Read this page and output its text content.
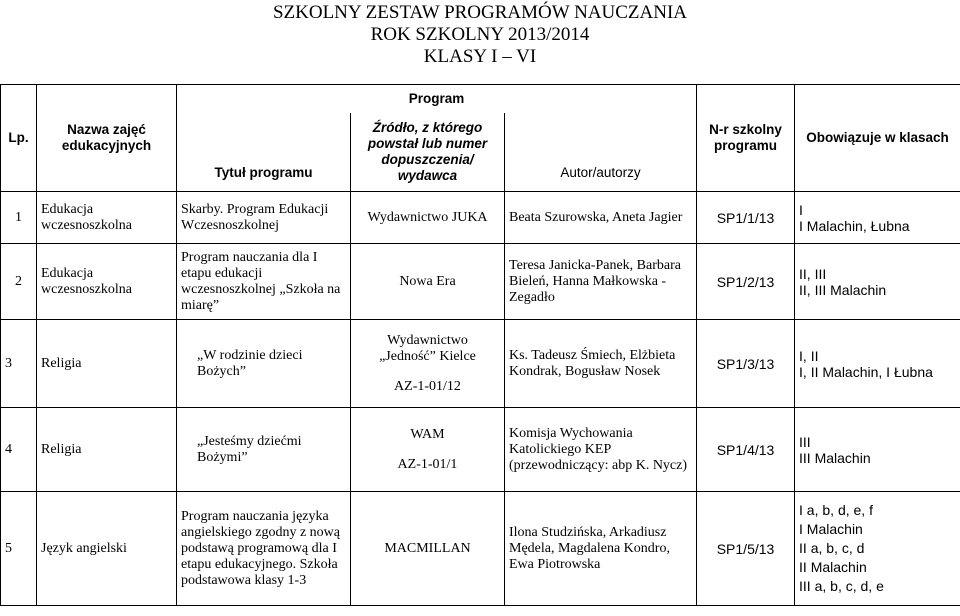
SZKOLNY ZESTAW PROGRAMÓW NAUCZANIA
ROK SZKOLNY 2013/2014
KLASY I – VI
Lp.	Nazwa zajęć edukacyjnych	Program			N-r szkolny programu	Obowiązuje w klasach
		Tytuł programu	Źródło, z którego powstał lub numer dopuszczenia/ wydawca	Autor/autorzy		
1	Edukacja wczesnoszkolna	Skarby. Program Edukacji Wczesnoszkolnej	Wydawnictwo JUKA	Beata Szurowska, Aneta Jagier	SP1/1/13	I
I Malachin, Łubna

2	Edukacja wczesnoszkolna	Program nauczania dla I etapu edukacji wczesnoszkolnej „Szkoła na miarę”	Nowa Era	Teresa Janicka-Panek, Barbara Bieleń, Hanna Małkowska - Zegadło	SP1/2/13	II, III
II, III Malachin

3	Religia	„W rodzinie dzieci Bożych”	Wydawnictwo
„Jedność” Kielce
AZ-1-01/12	Ks. Tadeusz Śmiech, Elżbieta Kondrak, Bogusław Nosek	SP1/3/13	I, II
I, II Malachin, I Łubna

4	Religia	„Jesteśmy dziećmi Bożymi”	WAM
AZ-1-01/1	Komisja Wychowania Katolickiego KEP (przewodniczący: abp K. Nycz)	SP1/4/13	III
III Malachin

5	Język angielski	Program nauczania języka angielskiego zgodny z nową podstawą programową dla I etapu edukacyjnego. Szkoła podstawowa klasy 1-3	MACMILLAN	Ilona Studzińska, Arkadiusz Mędela, Magdalena Kondro, Ewa Piotrowska	SP1/5/13	I a, b, d, e, f
I Malachin
II a, b, c, d
II Malachin
III a, b, c, d, e
